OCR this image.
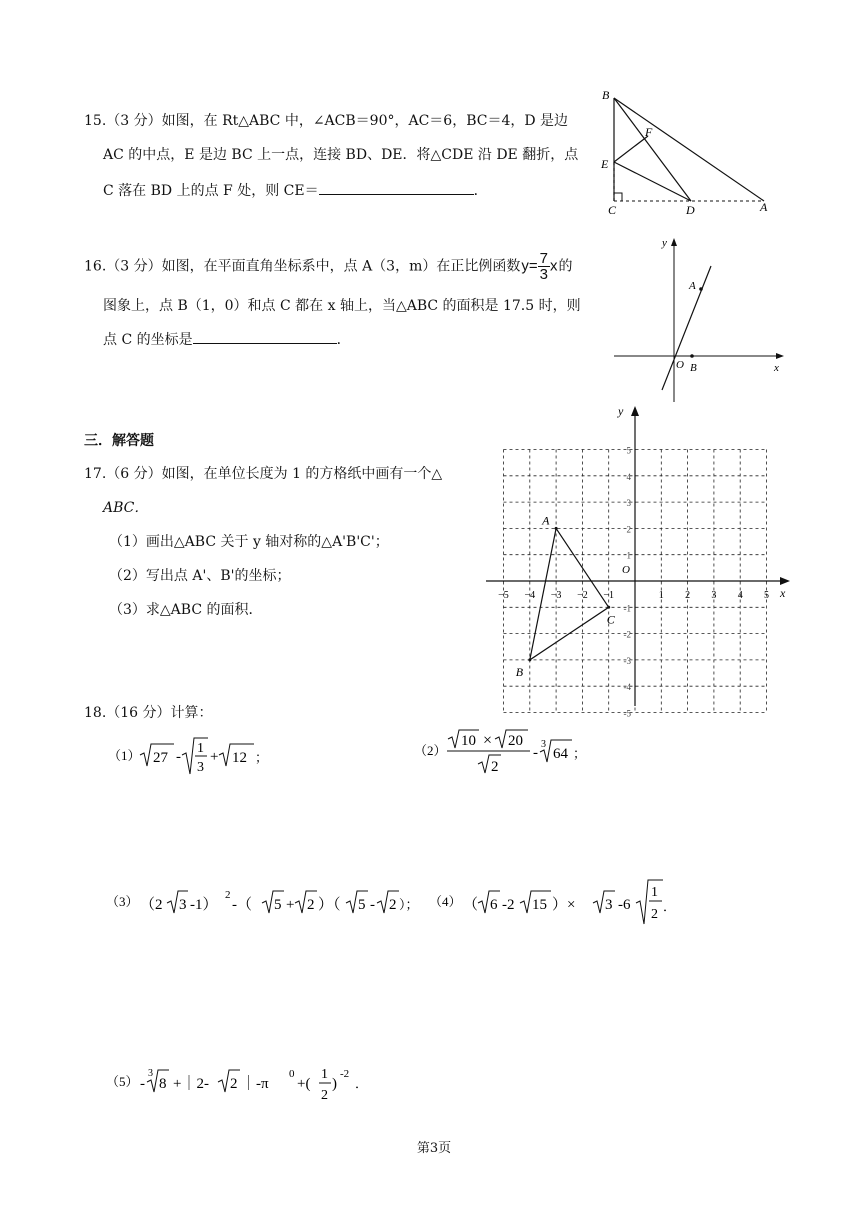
15.（3 分）如图，在 Rt△ABC 中，∠ACB＝90°，AC＝6，BC＝4，D 是边
AC 的中点，E 是边 BC 上一点，连接 BD、DE．将△CDE 沿 DE 翻折，点
C 落在 BD 上的点 F 处，则 CE＝	．
B
F
E
C	D	A
16.（3 分）如图，在平面直角坐标系中，点 A（3，m）在正比例函数$y= \frac{7}{3}$ x的
图象上，点 B（1，0）和点 C 都在 x 轴上，当△ABC 的面积是 17.5 时，则
点 C 的坐标是	．
y
x
O
A
B
三．解答题
17.（6 分）如图，在单位长度为 1 的方格纸中画有一个△
ABC．
（1）画出△ABC 关于 y 轴对称的△A'B'C'；
（2）写出点 A'、B'的坐标；
（3）求△ABC 的面积．
x
y
O
−5 −4 −3 −2 −1	1 2 3 4 5
5
4
3
2
1
-1
-2
-3
-4
-5
A
B
C
18.（16 分）计算：
（1） 27 -
1
3
+ 12 ；	（2）
10 × 20
2
-
3
64 ；
（3） （2 3 -1）
2
-（ 5 + 2 ）（ 5 - 2 ）； （4） （ 6 -2 15 ）× 3 -6
1
2
．
（5） -
3
8 +｜2- 2 ｜-π
0
+(
1
2
)
-2
．
第3页
